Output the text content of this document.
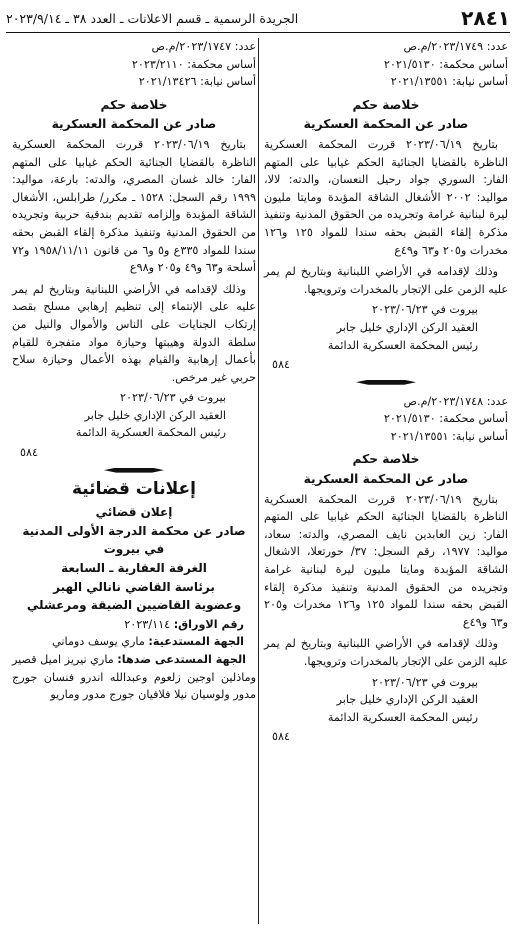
٢٨٤١
الجريدة الرسمية ـ قسم الاعلانات ـ العدد ٣٨ ـ ٢٠٢٣/٩/١٤

عدد: ٢٠٢٣/١٧٤٩/م.ص

أساس محكمة: ٢٠٢١/٥١٣٠

أساس نيابة: ٢٠٢١/١٣٥٥١

خلاصة حكم

صادر عن المحكمة العسكرية

بتاريخ ٢٠٢٣/٠٦/١٩ قررت المحكمة العسكرية الناظرة بالقضايا الجنائية الحكم غيابيا على المتهم الفار: السوري جواد رحيل النعسان، والدته: لالا، مواليد: ٢٠٠٢ الأشغال الشاقة المؤبدة ومايتا مليون ليرة لبنانية غرامة وتجريده من الحقوق المدنية وتنفيذ مذكرة إلقاء القبض بحقه سندا للمواد ١٢٥ و١٢٦ مخدرات و٢٠٥ و٦٣ و٤٩ع

وذلك لإقدامه في الأراضي اللبنانية وبتاريخ لم يمر عليه الزمن على الإتجار بالمخدرات وترويجها.

بيروت في ٢٠٢٣/٠٦/٢٣

العقيد الركن الإداري خليل جابر

رئيس المحكمة العسكرية الدائمة

٥٨٤

عدد: ٢٠٢٣/١٧٤٨/م.ص

أساس محكمة: ٢٠٢١/٥١٣٠

أساس نيابة: ٢٠٢١/١٣٥٥١

خلاصة حكم

صادر عن المحكمة العسكرية

بتاريخ ٢٠٢٣/٠٦/١٩ قررت المحكمة العسكرية الناظرة بالقضايا الجنائية الحكم غيابيا على المتهم الفار: زين العابدين نايف المصري، والدته: سعاد، مواليد: ١٩٧٧، رقم السجل: ٣٧/ حورتعلا، الاشغال الشاقة المؤبدة ومايتا مليون ليرة لبنانية غرامة وتجريده من الحقوق المدنية وتنفيذ مذكرة إلقاء القبض بحقه سندا للمواد ١٢٥ و١٢٦ مخدرات و٢٠٥ و٦٣ و٤٩ع

وذلك لإقدامه في الأراضي اللبنانية وبتاريخ لم يمر عليه الزمن على الإتجار بالمخدرات وترويجها.

بيروت في ٢٠٢٣/٠٦/٢٣

العقيد الركن الإداري خليل جابر

رئيس المحكمة العسكرية الدائمة

٥٨٤

عدد: ٢٠٢٣/١٧٤٧/م.ص

أساس محكمة: ٢٠٢٣/٢١١٠

أساس نيابة: ٢٠٢١/١٣٤٢٦

خلاصة حكم

صادر عن المحكمة العسكرية

بتاريخ ٢٠٢٣/٠٦/١٩ قررت المحكمة العسكرية الناظرة بالقضايا الجنائية الحكم غيابيا على المتهم الفار: خالد غسان المصري، والدته: بارعة، مواليد: ١٩٩٩ رقم السجل: ١٥٢٨ ـ مكرر/ طرابلس، الأشغال الشاقة المؤبدة وإلزامه تقديم بندقية حربية وتجريده من الحقوق المدنية وتنفيذ مذكرة إلقاء القبض بحقه سندا للمواد ٣٣٥ع و٥ و٦ من قانون ١٩٥٨/١١/١١ و٧٢ أسلحة و٦٣ و٤٩ و٢٠٥ و٩٨ع

وذلك لإقدامه في الأراضي اللبنانية وبتاريخ لم يمر عليه على الإنتماء إلى تنظيم إرهابي مسلح بقصد إرتكاب الجنايات على الناس والأموال والنيل من سلطة الدولة وهيبتها وحيازة مواد متفجرة للقيام بأعمال إرهابية والقيام بهذه الأعمال وحيازة سلاح حربي غير مرخص.

بيروت في ٢٠٢٣/٠٦/٢٣

العقيد الركن الإداري خليل جابر

رئيس المحكمة العسكرية الدائمة

٥٨٤

إعلانات قضائية

إعلان قضائي

صادر عن محكمة الدرجة الأولى المدنية

في بيروت

الغرفة العقارية ـ السابعة

برئاسة القاضي نانالي الهبر

وعضوية القاضيين الضيقة ومرعشلي

رقم الاوراق: ٢٠٢٣/١١٤

الجهة المستدعية: ماري يوسف دوماني

الجهة المستدعى ضدها: ماري نيريز اميل قصير وماذلين اوجين زلعوم وعبدالله اندرو فنسان جورج مدور ولوسيان نيلا فلافيان جورج مدور وماريو
